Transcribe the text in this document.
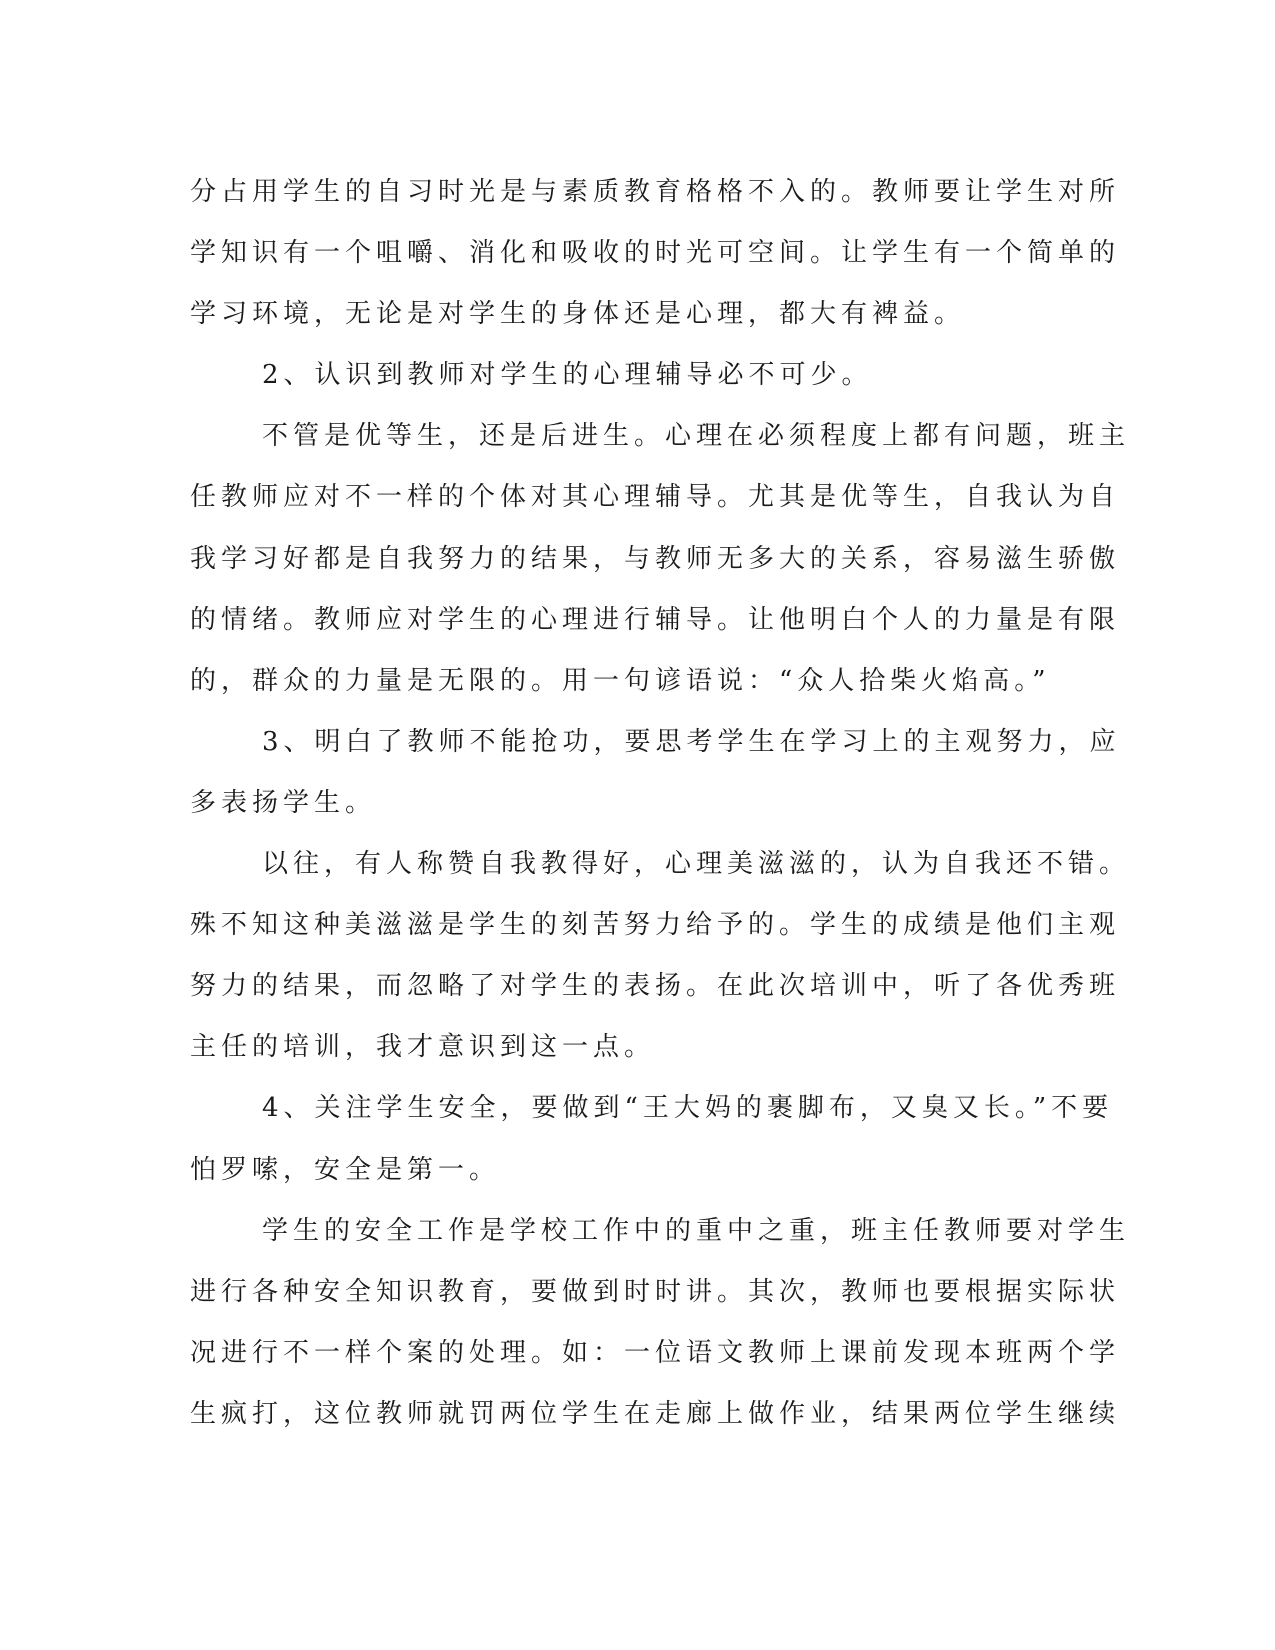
分占用学生的自习时光是与素质教育格格不入的。教师要让学生对所
学知识有一个咀嚼、消化和吸收的时光可空间。让学生有一个简单的
学习环境，无论是对学生的身体还是心理，都大有裨益。
2、认识到教师对学生的心理辅导必不可少。
不管是优等生，还是后进生。心理在必须程度上都有问题，班主
任教师应对不一样的个体对其心理辅导。尤其是优等生，自我认为自
我学习好都是自我努力的结果，与教师无多大的关系，容易滋生骄傲
的情绪。教师应对学生的心理进行辅导。让他明白个人的力量是有限
的，群众的力量是无限的。用一句谚语说：“众人拾柴火焰高。”
3、明白了教师不能抢功，要思考学生在学习上的主观努力，应
多表扬学生。
以往，有人称赞自我教得好，心理美滋滋的，认为自我还不错。
殊不知这种美滋滋是学生的刻苦努力给予的。学生的成绩是他们主观
努力的结果，而忽略了对学生的表扬。在此次培训中，听了各优秀班
主任的培训，我才意识到这一点。
4、关注学生安全，要做到“王大妈的裹脚布，又臭又长。”不要
怕罗嗦，安全是第一。
学生的安全工作是学校工作中的重中之重，班主任教师要对学生
进行各种安全知识教育，要做到时时讲。其次，教师也要根据实际状
况进行不一样个案的处理。如：一位语文教师上课前发现本班两个学
生疯打，这位教师就罚两位学生在走廊上做作业，结果两位学生继续
